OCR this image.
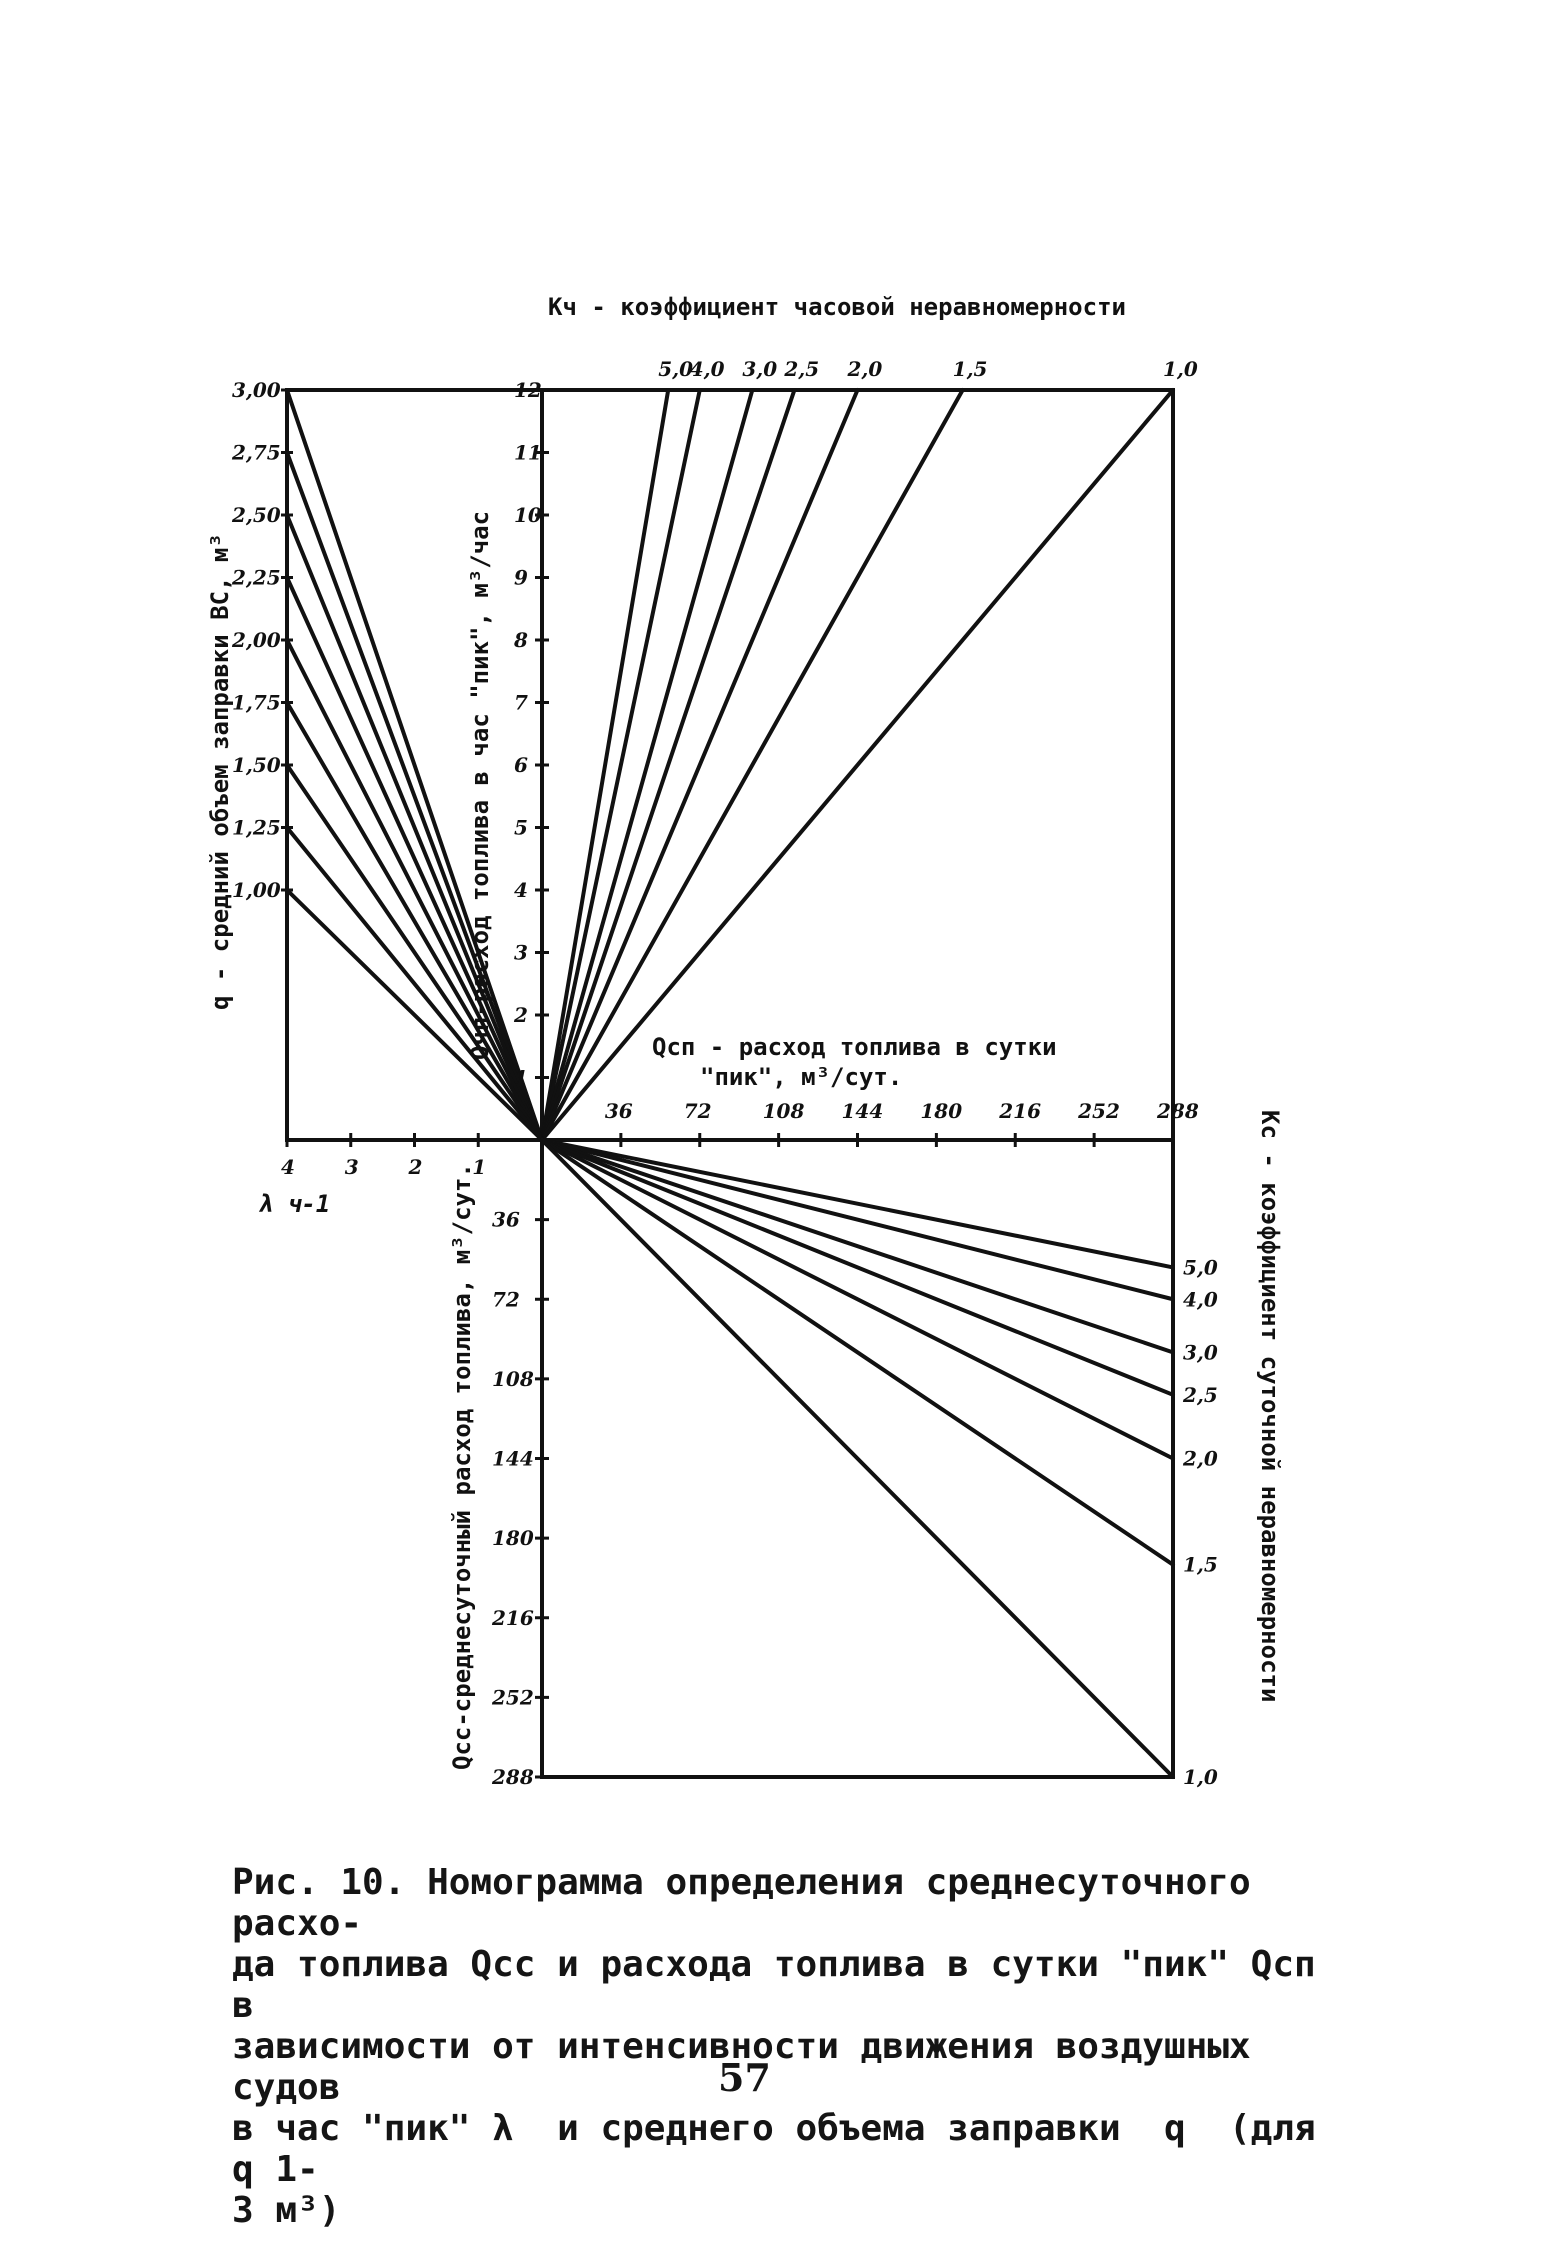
5,0
4,0 3,0 2,5 2,0	1,5	1,0
3,00
2,75
2,50
2,25
2,00
1,75
1,50
1,25
1,00
5,0
4,0
3,0
2,5
2,0
1,5
1,0
1
2
3
4
5
6
7
8
9
10
11
12
36	72	108 144 180 216 252 288
4 3 2 1
36
72
108
144
180
216
252
288
Кч - коэффициент часовой неравномерности
Qчп-расход топлива в час "пик", м³/час	Qсп - расход топлива в сутки
"пик", м³/сут.
q - средний объем заправки ВС, м³
λ ч-1	Qсс-среднесуточный расход топлива, м³/сут.	Кс - коэффициент суточной неравномерности
Рис. 10. Номограмма определения среднесуточного расхо-
да топлива Qсс и расхода топлива в сутки "пик" Qсп в
зависимости от интенсивности движения воздушных судов
в час "пик" λ  и среднего объема заправки  q  (для q 1-
3 м³)
57
